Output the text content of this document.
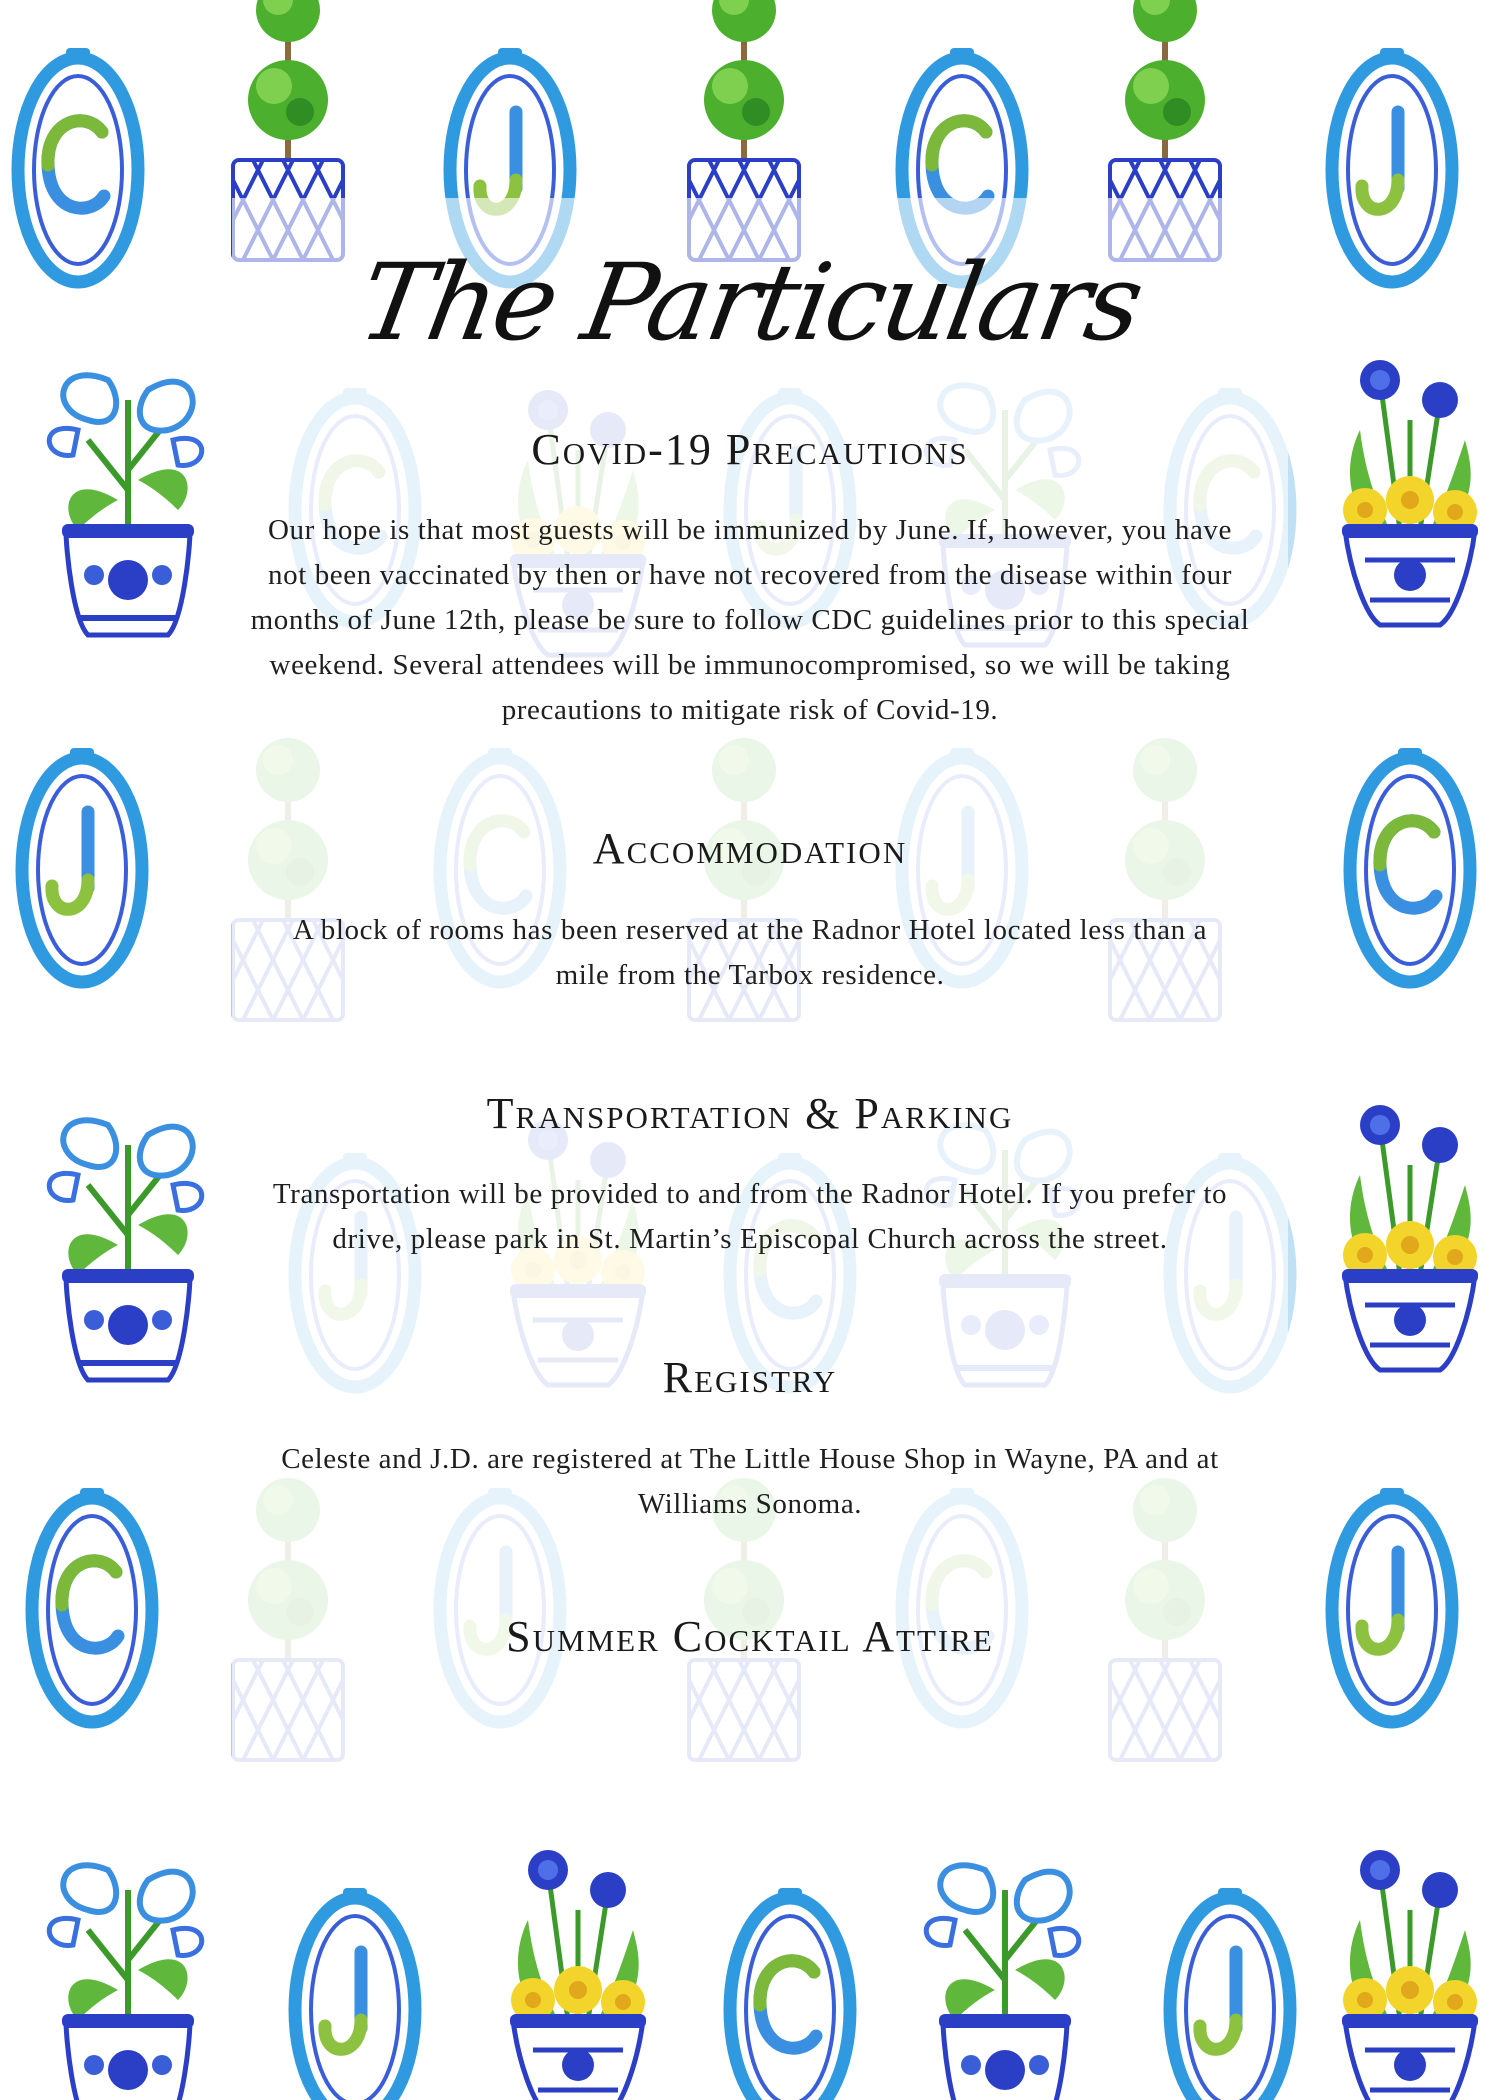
The Particulars
Covid-19 Precautions

Our hope is that most guests will be immunized by June. If, however, you have not been vaccinated by then or have not recovered from the disease within four months of June 12th, please be sure to follow CDC guidelines prior to this special weekend. Several attendees will be immunocompromised, so we will be taking precautions to mitigate risk of Covid-19.

Accommodation

A block of rooms has been reserved at the Radnor Hotel located less than a mile from the Tarbox residence.

Transportation & Parking

Transportation will be provided to and from the Radnor Hotel. If you prefer to drive, please park in St. Martin’s Episcopal Church across the street.

Registry

Celeste and J.D. are registered at The Little House Shop in Wayne, PA and at Williams Sonoma.

Summer Cocktail Attire
